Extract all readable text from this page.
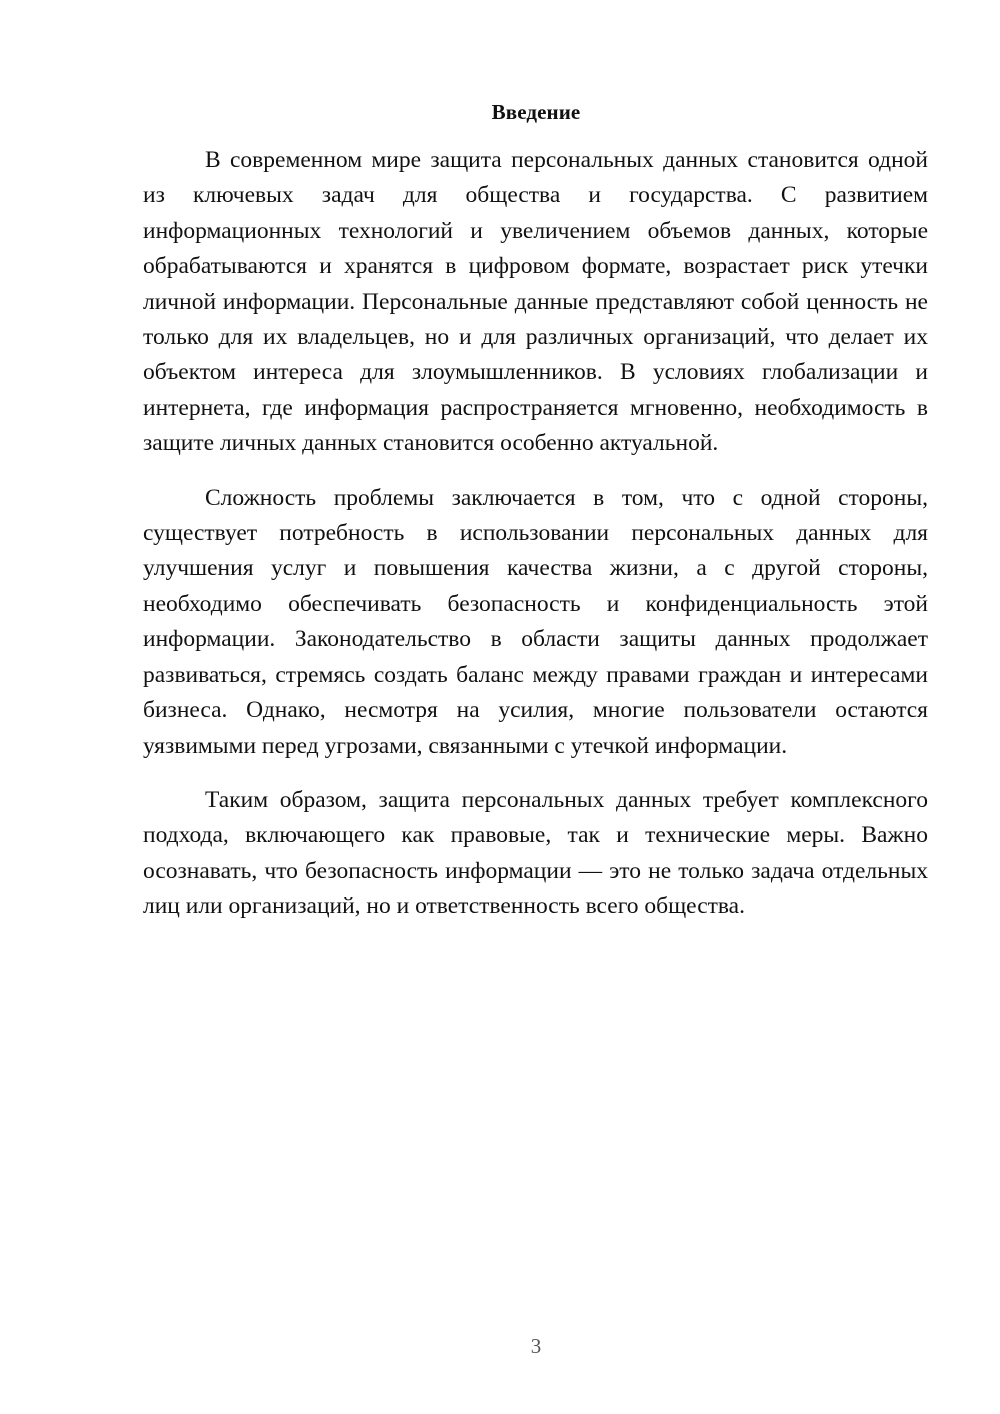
Введение

В современном мире защита персональных данных становится одной из ключевых задач для общества и государства. С развитием информационных технологий и увеличением объемов данных, которые обрабатываются и хранятся в цифровом формате, возрастает риск утечки личной информации. Персональные данные представляют собой ценность не только для их владельцев, но и для различных организаций, что делает их объектом интереса для злоумышленников. В условиях глобализации и интернета, где информация распространяется мгновенно, необходимость в защите личных данных становится особенно актуальной.

Сложность проблемы заключается в том, что с одной стороны, существует потребность в использовании персональных данных для улучшения услуг и повышения качества жизни, а с другой стороны, необходимо обеспечивать безопасность и конфиденциальность этой информации. Законодательство в области защиты данных продолжает развиваться, стремясь создать баланс между правами граждан и интересами бизнеса. Однако, несмотря на усилия, многие пользователи остаются уязвимыми перед угрозами, связанными с утечкой информации.

Таким образом, защита персональных данных требует комплексного подхода, включающего как правовые, так и технические меры. Важно осознавать, что безопасность информации — это не только задача отдельных лиц или организаций, но и ответственность всего общества.

3
